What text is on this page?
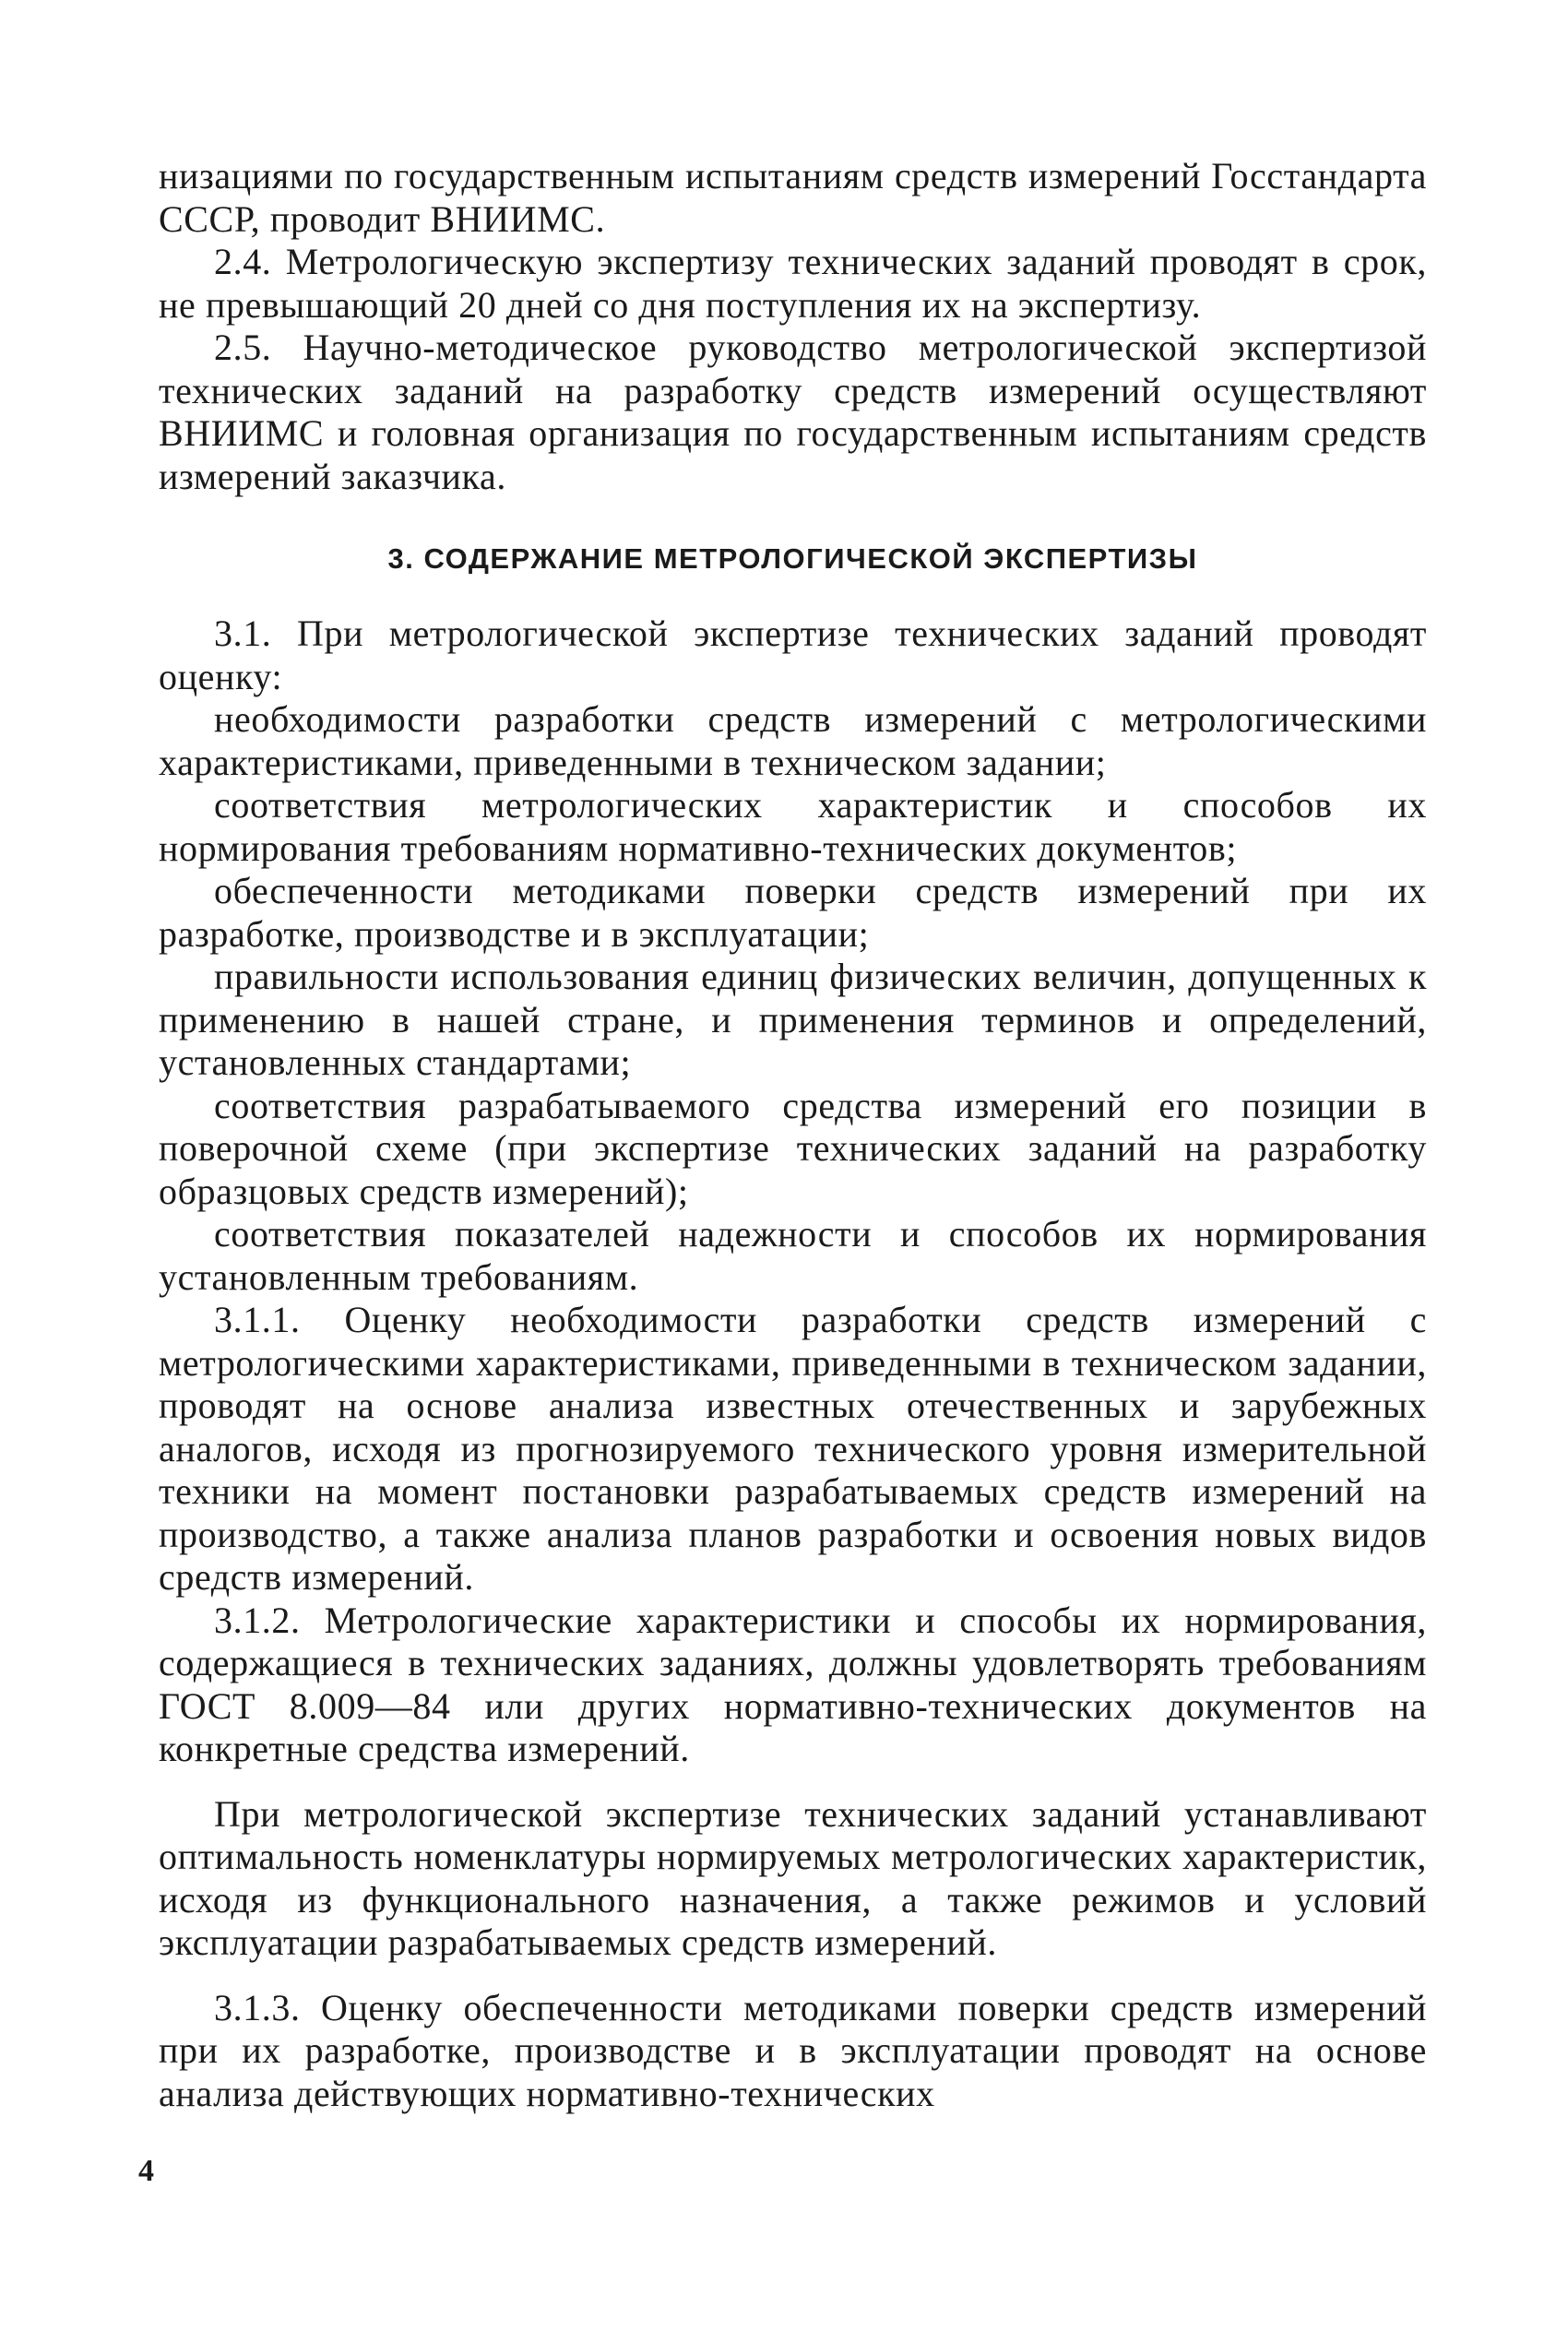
низациями по государственным испытаниям средств измерений Госстандарта СССР, проводит ВНИИМС.

2.4. Метрологическую экспертизу технических заданий проводят в срок, не превышающий 20 дней со дня поступления их на экспертизу.

2.5. Научно-методическое руководство метрологической экспертизой технических заданий на разработку средств измерений осуществляют ВНИИМС и головная организация по государственным испытаниям средств измерений заказчика.

3. СОДЕРЖАНИЕ МЕТРОЛОГИЧЕСКОЙ ЭКСПЕРТИЗЫ

3.1. При метрологической экспертизе технических заданий проводят оценку:

необходимости разработки средств измерений с метрологическими характеристиками, приведенными в техническом задании;

соответствия метрологических характеристик и способов их нормирования требованиям нормативно-технических документов;

обеспеченности методиками поверки средств измерений при их разработке, производстве и в эксплуатации;

правильности использования единиц физических величин, допущенных к применению в нашей стране, и применения терминов и определений, установленных стандартами;

соответствия разрабатываемого средства измерений его позиции в поверочной схеме (при экспертизе технических заданий на разработку образцовых средств измерений);

соответствия показателей надежности и способов их нормирования установленным требованиям.

3.1.1. Оценку необходимости разработки средств измерений с метрологическими характеристиками, приведенными в техническом задании, проводят на основе анализа известных отечественных и зарубежных аналогов, исходя из прогнозируемого технического уровня измерительной техники на момент постановки разрабатываемых средств измерений на производство, а также анализа планов разработки и освоения новых видов средств измерений.

3.1.2. Метрологические характеристики и способы их нормирования, содержащиеся в технических заданиях, должны удовлетворять требованиям ГОСТ 8.009—84 или других нормативно-технических документов на конкретные средства измерений.

При метрологической экспертизе технических заданий устанавливают оптимальность номенклатуры нормируемых метрологических характеристик, исходя из функционального назначения, а также режимов и условий эксплуатации разрабатываемых средств измерений.

3.1.3. Оценку обеспеченности методиками поверки средств измерений при их разработке, производстве и в эксплуатации проводят на основе анализа действующих нормативно-технических

4
